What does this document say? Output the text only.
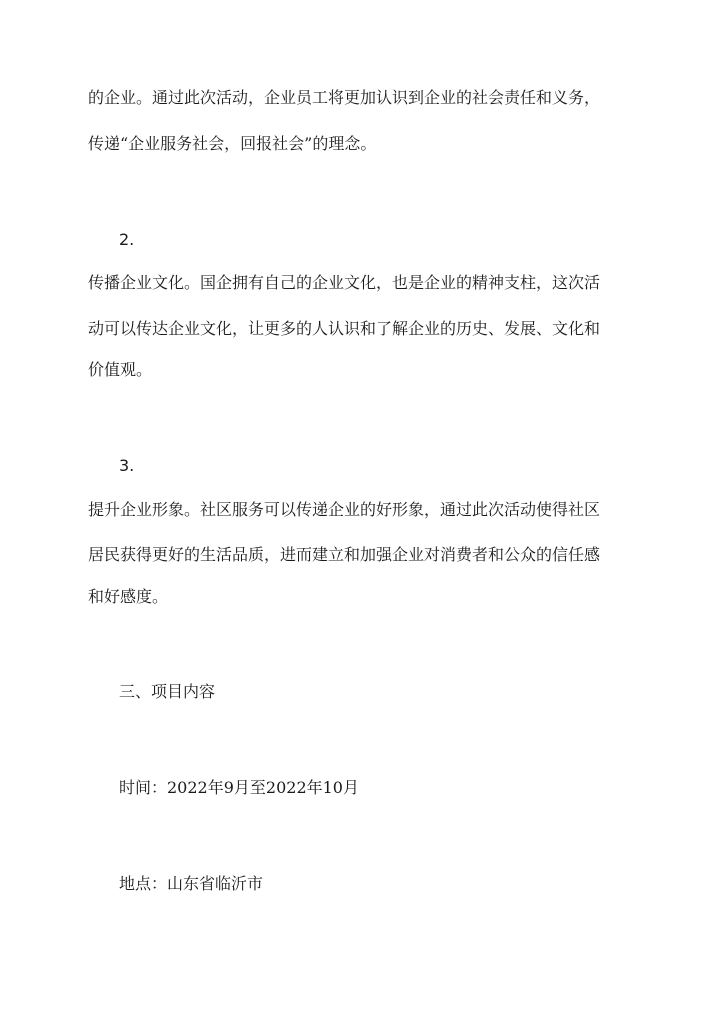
的企业。通过此次活动，企业员工将更加认识到企业的社会责任和义务，
传递“企业服务社会，回报社会”的理念。
2.
传播企业文化。国企拥有自己的企业文化，也是企业的精神支柱，这次活
动可以传达企业文化，让更多的人认识和了解企业的历史、发展、文化和
价值观。
3.
提升企业形象。社区服务可以传递企业的好形象，通过此次活动使得社区
居民获得更好的生活品质，进而建立和加强企业对消费者和公众的信任感
和好感度。
三、项目内容
时间：2022年9月至2022年10月
地点：山东省临沂市
